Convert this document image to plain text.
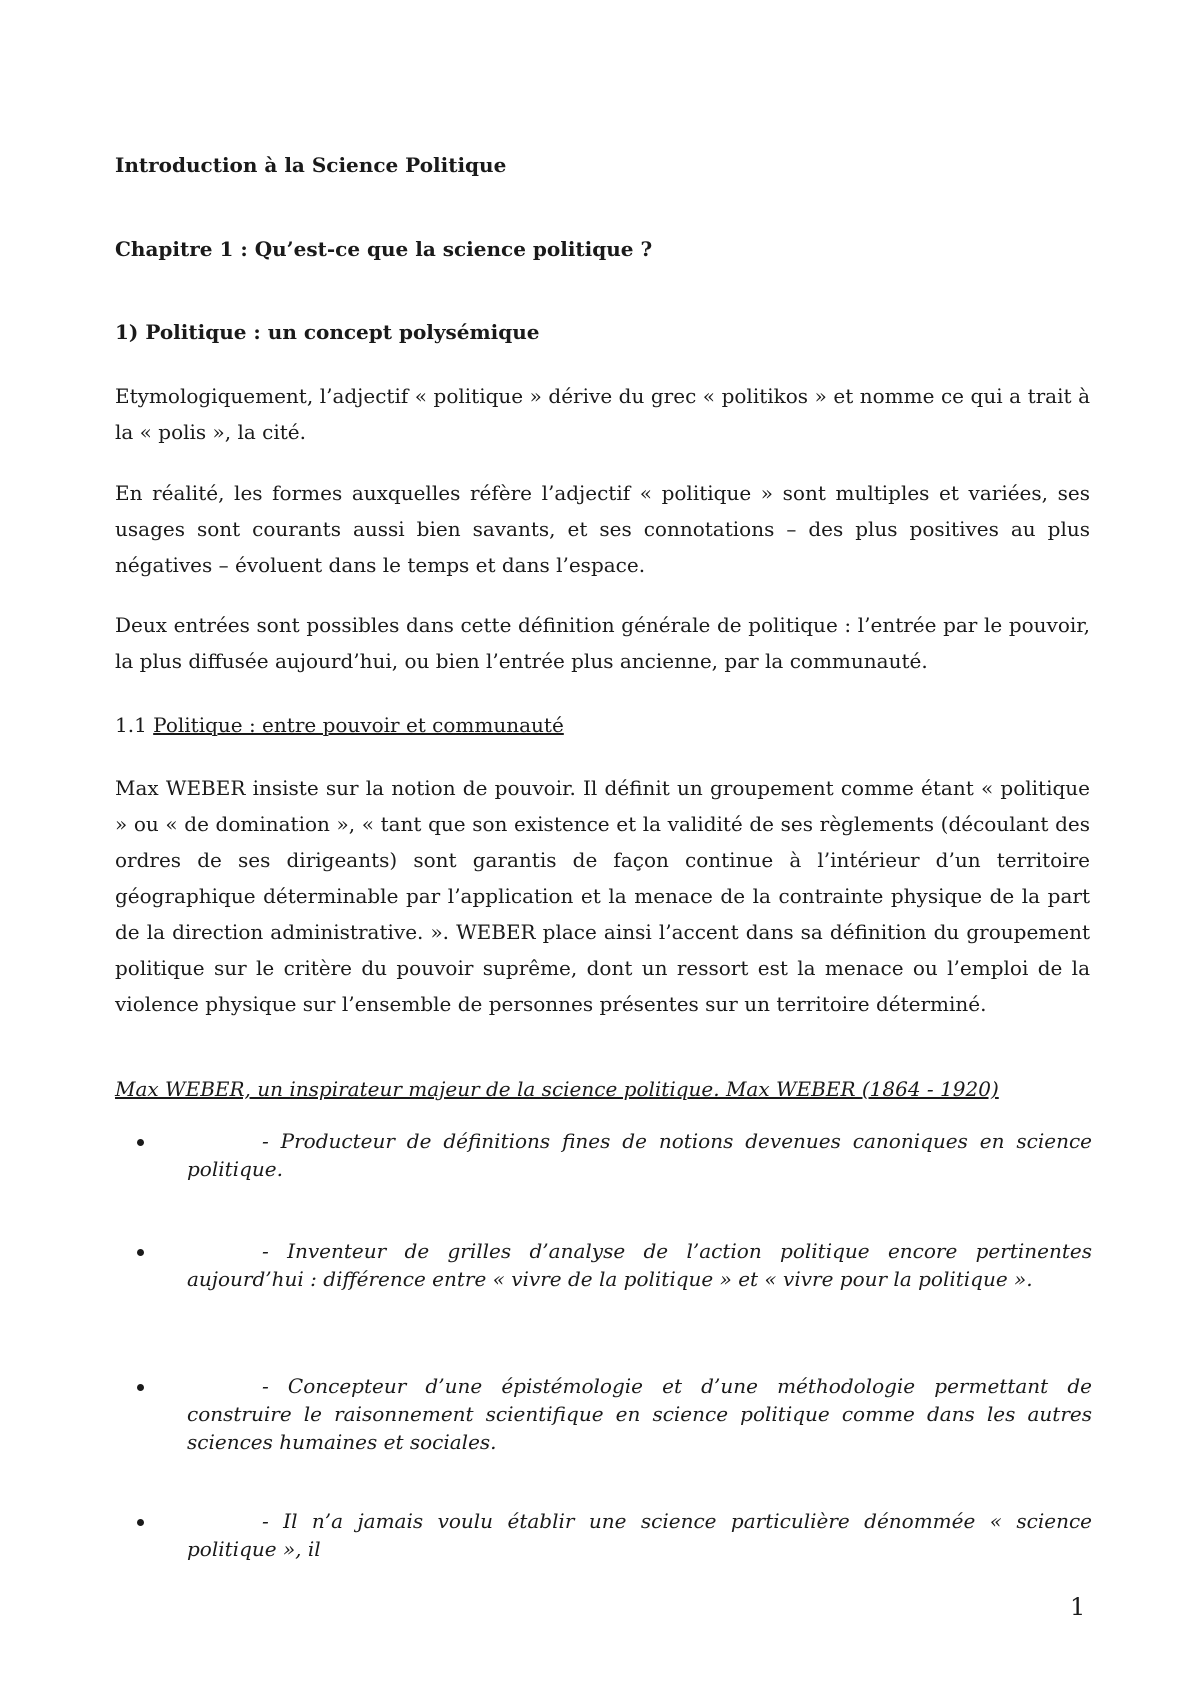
Introduction à la Science Politique
Chapitre 1 : Qu’est-ce que la science politique ?
1) Politique : un concept polysémique

Etymologiquement, l’adjectif « politique » dérive du grec « politikos » et nomme ce qui a trait à la « polis », la cité.

En réalité, les formes auxquelles réfère l’adjectif « politique » sont multiples et variées, ses usages sont courants aussi bien savants, et ses connotations – des plus positives au plus négatives – évoluent dans le temps et dans l’espace.

Deux entrées sont possibles dans cette définition générale de politique : l’entrée par le pouvoir, la plus diffusée aujourd’hui, ou bien l’entrée plus ancienne, par la communauté.

1.1 Politique : entre pouvoir et communauté

Max WEBER insiste sur la notion de pouvoir. Il définit un groupement comme étant « politique » ou « de domination », « tant que son existence et la validité de ses règlements (découlant des ordres de ses dirigeants) sont garantis de façon continue à l’intérieur d’un territoire géographique déterminable par l’application et la menace de la contrainte physique de la part de la direction administrative. ». WEBER place ainsi l’accent dans sa définition du groupement politique sur le critère du pouvoir suprême, dont un ressort est la menace ou l’emploi de la violence physique sur l’ensemble de personnes présentes sur un territoire déterminé.

Max WEBER, un inspirateur majeur de la science politique. Max WEBER (1864 - 1920)
- Producteur de définitions fines de notions devenues canoniques en science politique.
- Inventeur de grilles d’analyse de l’action politique encore pertinentes aujourd’hui : différence entre « vivre de la politique » et « vivre pour la politique ».
- Concepteur d’une épistémologie et d’une méthodologie permettant de construire le raisonnement scientifique en science politique comme dans les autres sciences humaines et sociales.
- Il n’a jamais voulu établir une science particulière dénommée « science politique », il
1
